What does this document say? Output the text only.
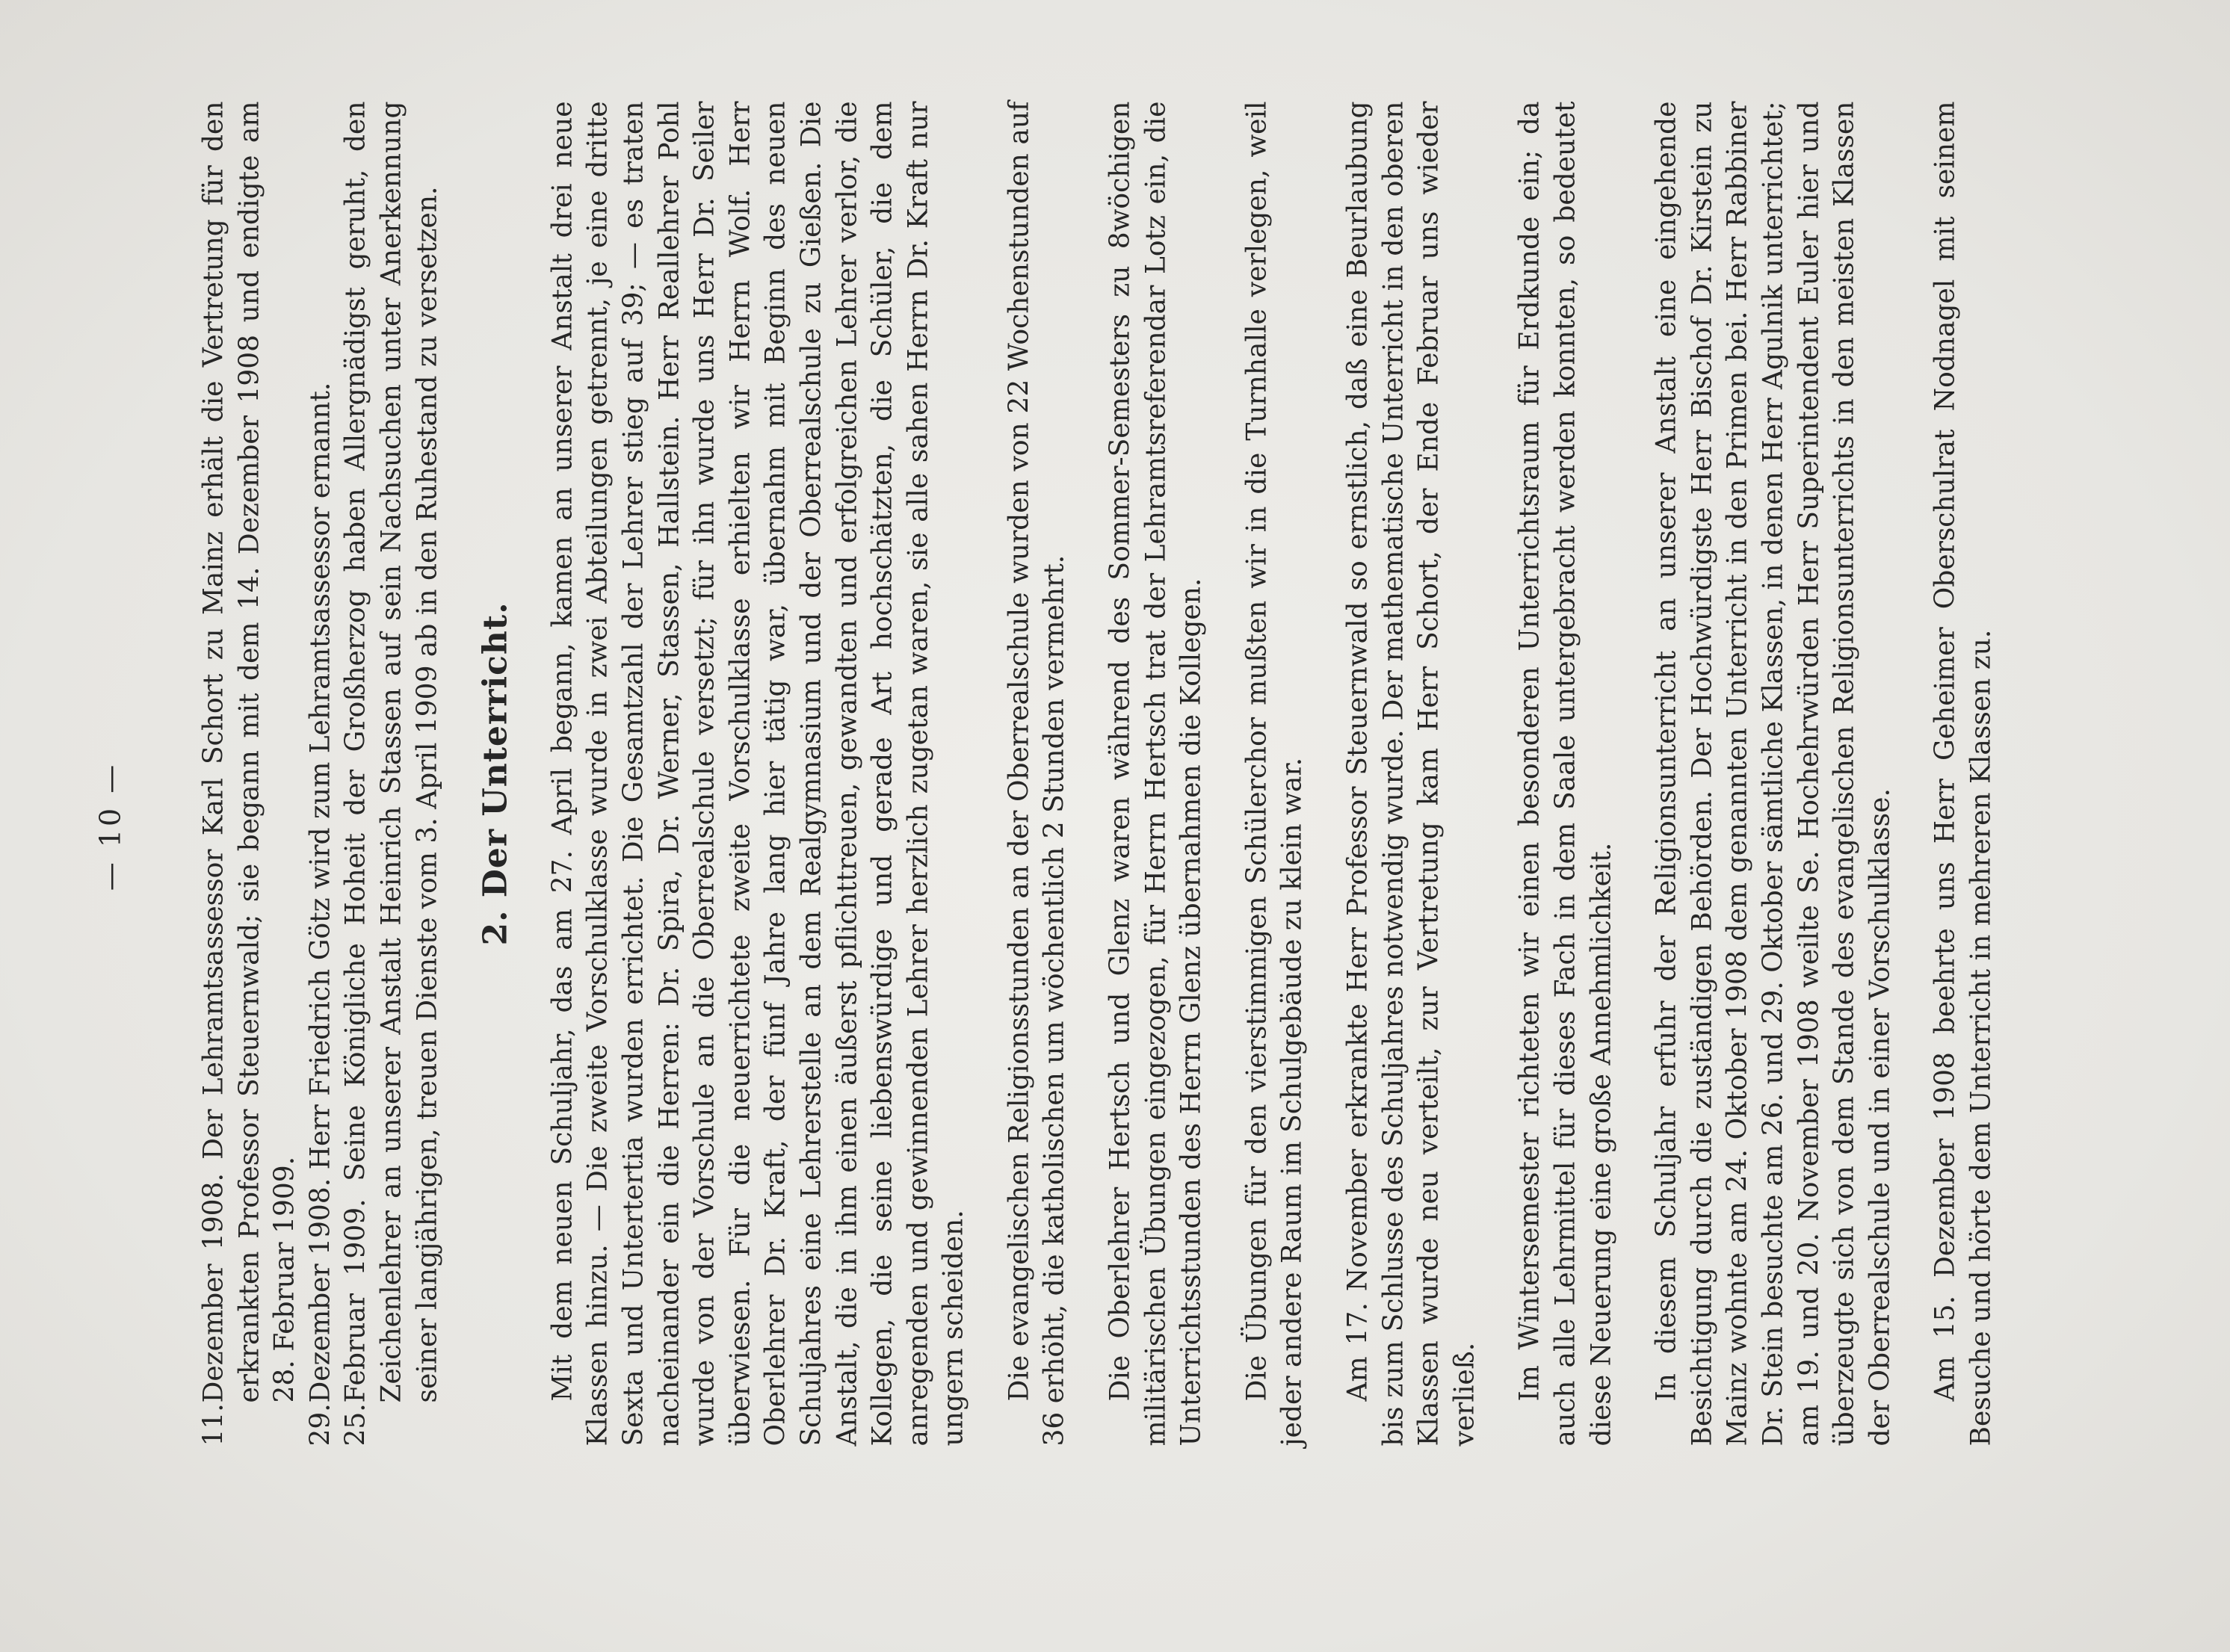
— 10 —
11.
Dezember 1908. Der Lehramtsassessor Karl Schort zu Mainz erhält die Vertretung für den erkrankten Professor Steuernwald; sie begann mit dem 14. Dezember 1908 und endigte am 28. Februar 1909.
29.
Dezember 1908. Herr Friedrich Götz wird zum Lehramtsassessor ernannt.
25.
Februar 1909. Seine Königliche Hoheit der Großherzog haben Allergnädigst geruht, den Zeichenlehrer an unserer Anstalt Heinrich Stassen auf sein Nachsuchen unter Anerkennung seiner langjährigen, treuen Dienste vom 3. April 1909 ab in den Ruhestand zu versetzen. 2. Der Unterricht. Mit dem neuen Schuljahr, das am 27. April begann, kamen an unserer Anstalt drei neue Klassen hinzu. — Die zweite Vorschulklasse wurde in zwei Abteilungen getrennt, je eine dritte Sexta und Untertertia wurden errichtet. Die Gesamtzahl der Lehrer stieg auf 39; — es traten nacheinander ein die Herren: Dr. Spira, Dr. Werner, Stassen, Hallstein. Herr Reallehrer Pohl wurde von der Vorschule an die Oberrealschule versetzt; für ihn wurde uns Herr Dr. Seiler überwiesen. Für die neuerrichtete zweite Vorschulklasse erhielten wir Herrn Wolf. Herr Oberlehrer Dr. Kraft, der fünf Jahre lang hier tätig war, übernahm mit Beginn des neuen Schuljahres eine Lehrerstelle an dem Realgymnasium und der Oberrealschule zu Gießen. Die Anstalt, die in ihm einen äußerst pflichttreuen, gewandten und erfolgreichen Lehrer verlor, die Kollegen, die seine liebenswürdige und gerade Art hochschätzten, die Schüler, die dem anregenden und gewinnenden Lehrer herzlich zugetan waren, sie alle sahen Herrn Dr. Kraft nur ungern scheiden. Die evangelischen Religionsstunden an der Oberrealschule wurden von 22 Wochenstunden auf 36 erhöht, die katholischen um wöchentlich 2 Stunden vermehrt. Die Oberlehrer Hertsch und Glenz waren während des Sommer-Semesters zu 8wöchigen militärischen Übungen eingezogen, für Herrn Hertsch trat der Lehramtsreferendar Lotz ein, die Unterrichtsstunden des Herrn Glenz übernahmen die Kollegen. Die Übungen für den vierstimmigen Schülerchor mußten wir in die Turnhalle verlegen, weil jeder andere Raum im Schulgebäude zu klein war. Am 17. November erkrankte Herr Professor Steuernwald so ernstlich, daß eine Beurlaubung bis zum Schlusse des Schuljahres notwendig wurde. Der mathematische Unterricht in den oberen Klassen wurde neu verteilt, zur Vertretung kam Herr Schort, der Ende Februar uns wieder verließ. Im Wintersemester richteten wir einen besonderen Unterrichtsraum für Erdkunde ein; da auch alle Lehrmittel für dieses Fach in dem Saale untergebracht werden konnten, so bedeutet diese Neuerung eine große Annehmlichkeit. In diesem Schuljahr erfuhr der Religionsunterricht an unserer Anstalt eine eingehende Besichtigung durch die zuständigen Behörden. Der Hochwürdigste Herr Bischof Dr. Kirstein zu Mainz wohnte am 24. Oktober 1908 dem genannten Unterricht in den Primen bei. Herr Rabbiner Dr. Stein besuchte am 26. und 29. Oktober sämtliche Klassen, in denen Herr Agulnik unterrichtet; am 19. und 20. November 1908 weilte Se. Hochehrwürden Herr Superintendent Euler hier und überzeugte sich von dem Stande des evangelischen Religionsunterrichts in den meisten Klassen der Oberrealschule und in einer Vorschulklasse. Am 15. Dezember 1908 beehrte uns Herr Geheimer Oberschulrat Nodnagel mit seinem Besuche und hörte dem Unterricht in mehreren Klassen zu.
